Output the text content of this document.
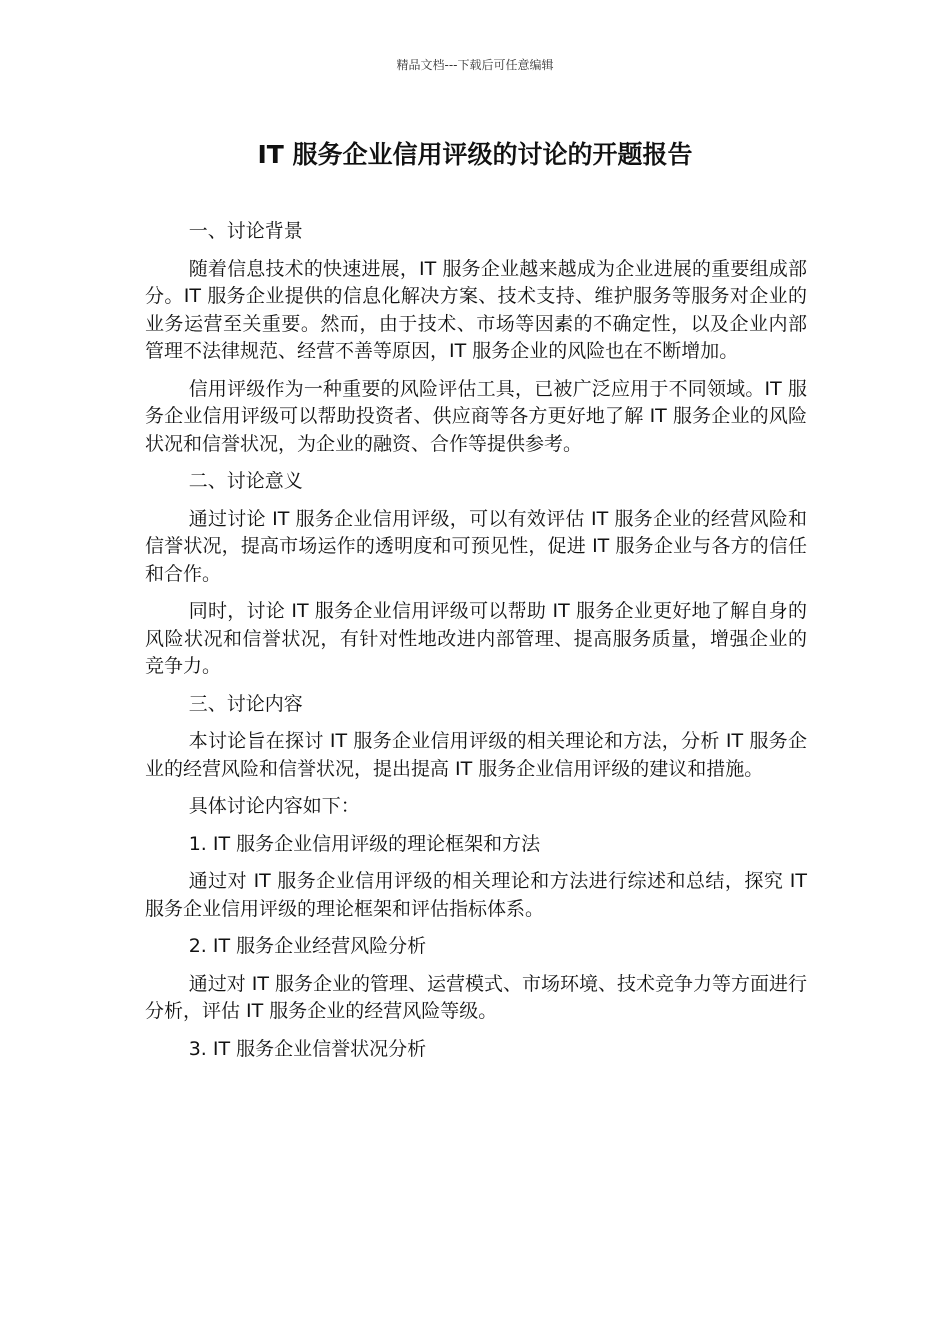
精品文档---下载后可任意编辑
IT 服务企业信用评级的讨论的开题报告

一、讨论背景

随着信息技术的快速进展，IT 服务企业越来越成为企业进展的重要组成部分。IT 服务企业提供的信息化解决方案、技术支持、维护服务等服务对企业的业务运营至关重要。然而，由于技术、市场等因素的不确定性，以及企业内部管理不法律规范、经营不善等原因，IT 服务企业的风险也在不断增加。

信用评级作为一种重要的风险评估工具，已被广泛应用于不同领域。IT 服务企业信用评级可以帮助投资者、供应商等各方更好地了解 IT 服务企业的风险状况和信誉状况，为企业的融资、合作等提供参考。

二、讨论意义

通过讨论 IT 服务企业信用评级，可以有效评估 IT 服务企业的经营风险和信誉状况，提高市场运作的透明度和可预见性，促进 IT 服务企业与各方的信任和合作。

同时，讨论 IT 服务企业信用评级可以帮助 IT 服务企业更好地了解自身的风险状况和信誉状况，有针对性地改进内部管理、提高服务质量，增强企业的竞争力。

三、讨论内容

本讨论旨在探讨 IT 服务企业信用评级的相关理论和方法，分析 IT 服务企业的经营风险和信誉状况，提出提高 IT 服务企业信用评级的建议和措施。

具体讨论内容如下：

1. IT 服务企业信用评级的理论框架和方法

通过对 IT 服务企业信用评级的相关理论和方法进行综述和总结，探究 IT 服务企业信用评级的理论框架和评估指标体系。

2. IT 服务企业经营风险分析

通过对 IT 服务企业的管理、运营模式、市场环境、技术竞争力等方面进行分析，评估 IT 服务企业的经营风险等级。

3. IT 服务企业信誉状况分析
